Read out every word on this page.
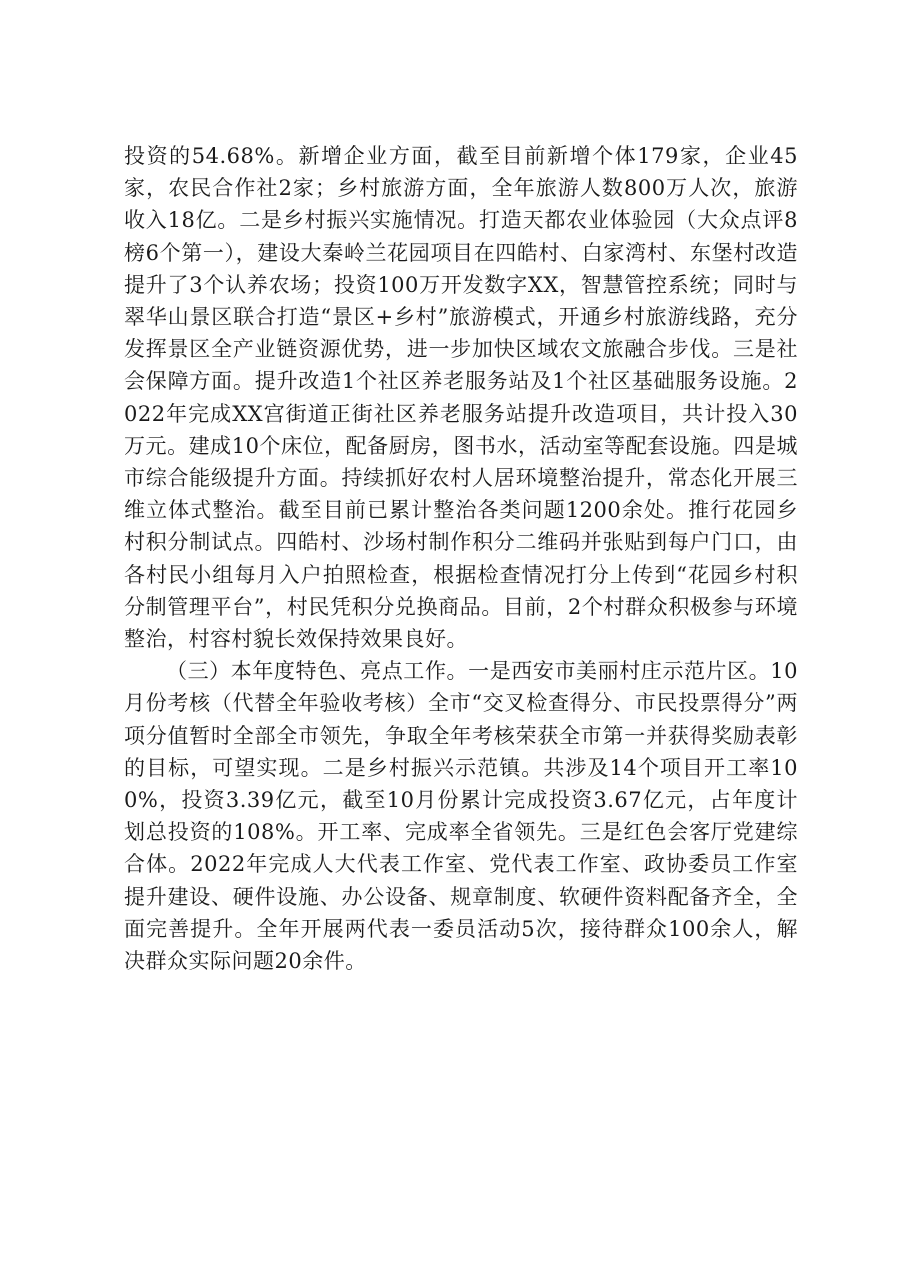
投资的54.68%。新增企业方面，截至目前新增个体179家，企业45家，农民合作社2家；乡村旅游方面，全年旅游人数800万人次，旅游收入18亿。二是乡村振兴实施情况。打造天都农业体验园（大众点评8榜6个第一），建设大秦岭兰花园项目在四皓村、白家湾村、东堡村改造提升了3个认养农场；投资100万开发数字XX，智慧管控系统；同时与翠华山景区联合打造“景区+乡村”旅游模式，开通乡村旅游线路，充分发挥景区全产业链资源优势，进一步加快区域农文旅融合步伐。三是社会保障方面。提升改造1个社区养老服务站及1个社区基础服务设施。2022年完成XX宫街道正街社区养老服务站提升改造项目，共计投入30万元。建成10个床位，配备厨房，图书水，活动室等配套设施。四是城市综合能级提升方面。持续抓好农村人居环境整治提升，常态化开展三维立体式整治。截至目前已累计整治各类问题1200余处。推行花园乡村积分制试点。四皓村、沙场村制作积分二维码并张贴到每户门口，由各村民小组每月入户拍照检查，根据检查情况打分上传到“花园乡村积分制管理平台”，村民凭积分兑换商品。目前，2个村群众积极参与环境整治，村容村貌长效保持效果良好。

（三）本年度特色、亮点工作。一是西安市美丽村庄示范片区。10月份考核（代替全年验收考核）全市“交叉检查得分、市民投票得分”两项分值暂时全部全市领先，争取全年考核荣获全市第一并获得奖励表彰的目标，可望实现。二是乡村振兴示范镇。共涉及14个项目开工率100%，投资3.39亿元，截至10月份累计完成投资3.67亿元，占年度计划总投资的108%。开工率、完成率全省领先。三是红色会客厅党建综合体。2022年完成人大代表工作室、党代表工作室、政协委员工作室提升建设、硬件设施、办公设备、规章制度、软硬件资料配备齐全，全面完善提升。全年开展两代表一委员活动5次，接待群众100余人，解决群众实际问题20余件。
